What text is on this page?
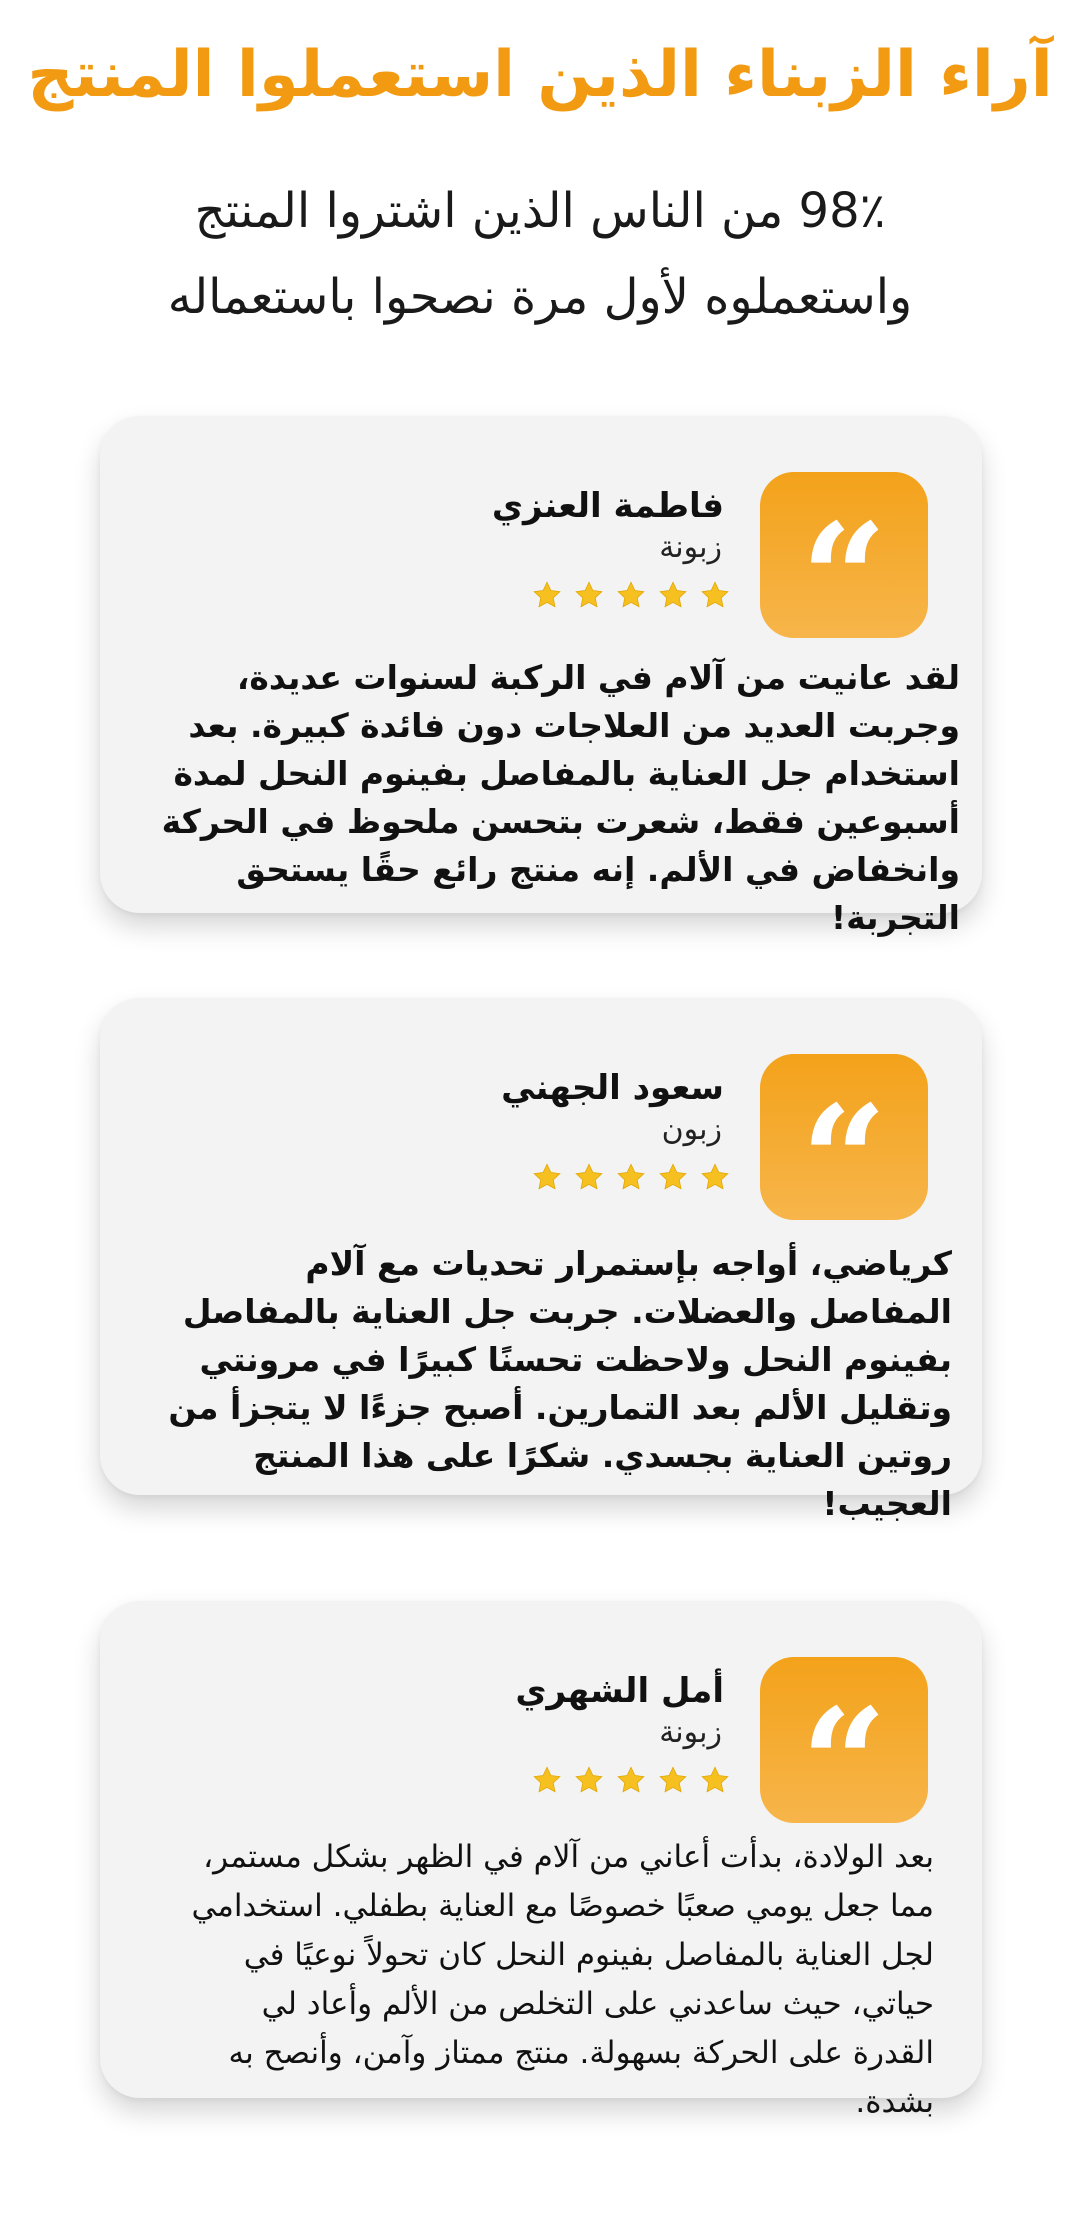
آراء الزبناء الذين استعملوا المنتج

98٪ من الناس الذين اشتروا المنتج واستعملوه لأول مرة نصحوا باستعماله

“
فاطمة العنزي
زبونة

لقد عانيت من آلام في الركبة لسنوات عديدة، وجربت العديد من العلاجات دون فائدة كبيرة. بعد استخدام جل العناية بالمفاصل بفينوم النحل لمدة أسبوعين فقط، شعرت بتحسن ملحوظ في الحركة وانخفاض في الألم. إنه منتج رائع حقًا يستحق التجربة!

“
سعود الجهني
زبون

كرياضي، أواجه بإستمرار تحديات مع آلام المفاصل والعضلات. جربت جل العناية بالمفاصل بفينوم النحل ولاحظت تحسنًا كبيرًا في مرونتي وتقليل الألم بعد التمارين. أصبح جزءًا لا يتجزأ من روتين العناية بجسدي. شكرًا على هذا المنتج العجيب!

“
أمل الشهري
زبونة

بعد الولادة، بدأت أعاني من آلام في الظهر بشكل مستمر، مما جعل يومي صعبًا خصوصًا مع العناية بطفلي. استخدامي لجل العناية بالمفاصل بفينوم النحل كان تحولاً نوعيًا في حياتي، حيث ساعدني على التخلص من الألم وأعاد لي القدرة على الحركة بسهولة. منتج ممتاز وآمن، وأنصح به بشدة.
